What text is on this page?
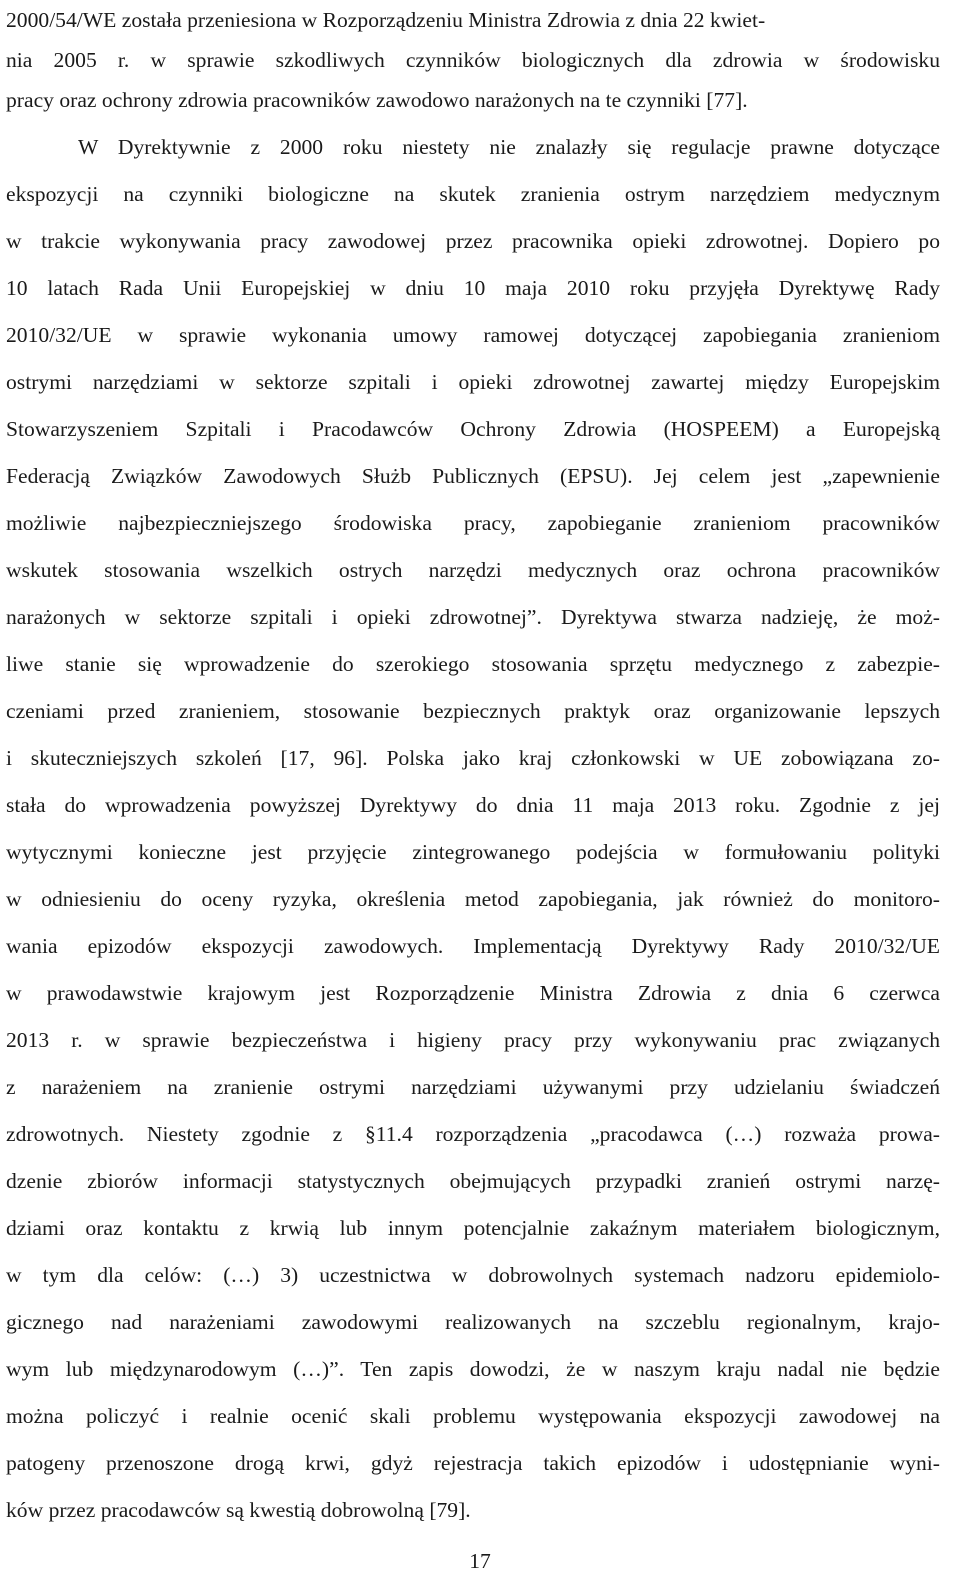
2000/54/WE została przeniesiona w Rozporządzeniu Ministra Zdrowia z dnia 22 kwiet-
nia 2005 r. w sprawie szkodliwych czynników biologicznych dla zdrowia w środowisku
pracy oraz ochrony zdrowia pracowników zawodowo narażonych na te czynniki [77].
W Dyrektywnie z 2000 roku niestety nie znalazły się regulacje prawne dotyczące
ekspozycji na czynniki biologiczne na skutek zranienia ostrym narzędziem medycznym
w trakcie wykonywania pracy zawodowej przez pracownika opieki zdrowotnej. Dopiero po
10 latach Rada Unii Europejskiej w dniu 10 maja 2010 roku przyjęła Dyrektywę Rady
2010/32/UE w sprawie wykonania umowy ramowej dotyczącej zapobiegania zranieniom
ostrymi narzędziami w sektorze szpitali i opieki zdrowotnej zawartej między Europejskim
Stowarzyszeniem Szpitali i Pracodawców Ochrony Zdrowia (HOSPEEM) a Europejską
Federacją Związków Zawodowych Służb Publicznych (EPSU). Jej celem jest „zapewnienie
możliwie najbezpieczniejszego środowiska pracy, zapobieganie zranieniom pracowników
wskutek stosowania wszelkich ostrych narzędzi medycznych oraz ochrona pracowników
narażonych w sektorze szpitali i opieki zdrowotnej”. Dyrektywa stwarza nadzieję, że moż-
liwe stanie się wprowadzenie do szerokiego stosowania sprzętu medycznego z zabezpie-
czeniami przed zranieniem, stosowanie bezpiecznych praktyk oraz organizowanie lepszych
i skuteczniejszych szkoleń [17, 96]. Polska jako kraj członkowski w UE zobowiązana zo-
stała do wprowadzenia powyższej Dyrektywy do dnia 11 maja 2013 roku. Zgodnie z jej
wytycznymi konieczne jest przyjęcie zintegrowanego podejścia w formułowaniu polityki
w odniesieniu do oceny ryzyka, określenia metod zapobiegania, jak również do monitoro-
wania epizodów ekspozycji zawodowych. Implementacją Dyrektywy Rady 2010/32/UE
w prawodawstwie krajowym jest Rozporządzenie Ministra Zdrowia z dnia 6 czerwca
2013 r. w sprawie bezpieczeństwa i higieny pracy przy wykonywaniu prac związanych
z narażeniem na zranienie ostrymi narzędziami używanymi przy udzielaniu świadczeń
zdrowotnych. Niestety zgodnie z §11.4 rozporządzenia „pracodawca (…) rozważa prowa-
dzenie zbiorów informacji statystycznych obejmujących przypadki zranień ostrymi narzę-
dziami oraz kontaktu z krwią lub innym potencjalnie zakaźnym materiałem biologicznym,
w tym dla celów: (…) 3) uczestnictwa w dobrowolnych systemach nadzoru epidemiolo-
gicznego nad narażeniami zawodowymi realizowanych na szczeblu regionalnym, krajo-
wym lub międzynarodowym (…)”. Ten zapis dowodzi, że w naszym kraju nadal nie będzie
można policzyć i realnie ocenić skali problemu występowania ekspozycji zawodowej na
patogeny przenoszone drogą krwi, gdyż rejestracja takich epizodów i udostępnianie wyni-
ków przez pracodawców są kwestią dobrowolną [79].
17
